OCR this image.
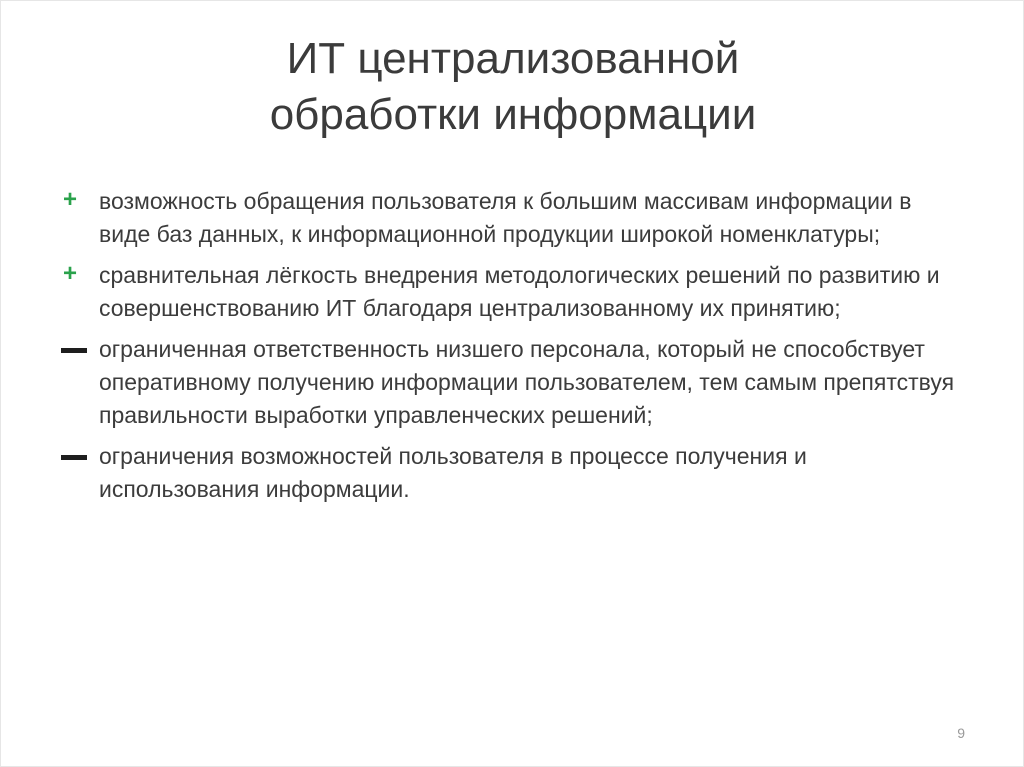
ИТ централизованной
обработки информации
+ возможность обращения пользователя к большим массивам информации в виде баз данных, к информационной продукции широкой номенклатуры;
+ сравнительная лёгкость внедрения методологических решений по развитию и совершенствованию ИТ благодаря централизованному их принятию;
ограниченная ответственность низшего персонала, который не способствует оперативному получению информации пользователем, тем самым препятствуя правильности выработки управленческих решений;
ограничения возможностей пользователя в процессе получения и использования информации.
9
